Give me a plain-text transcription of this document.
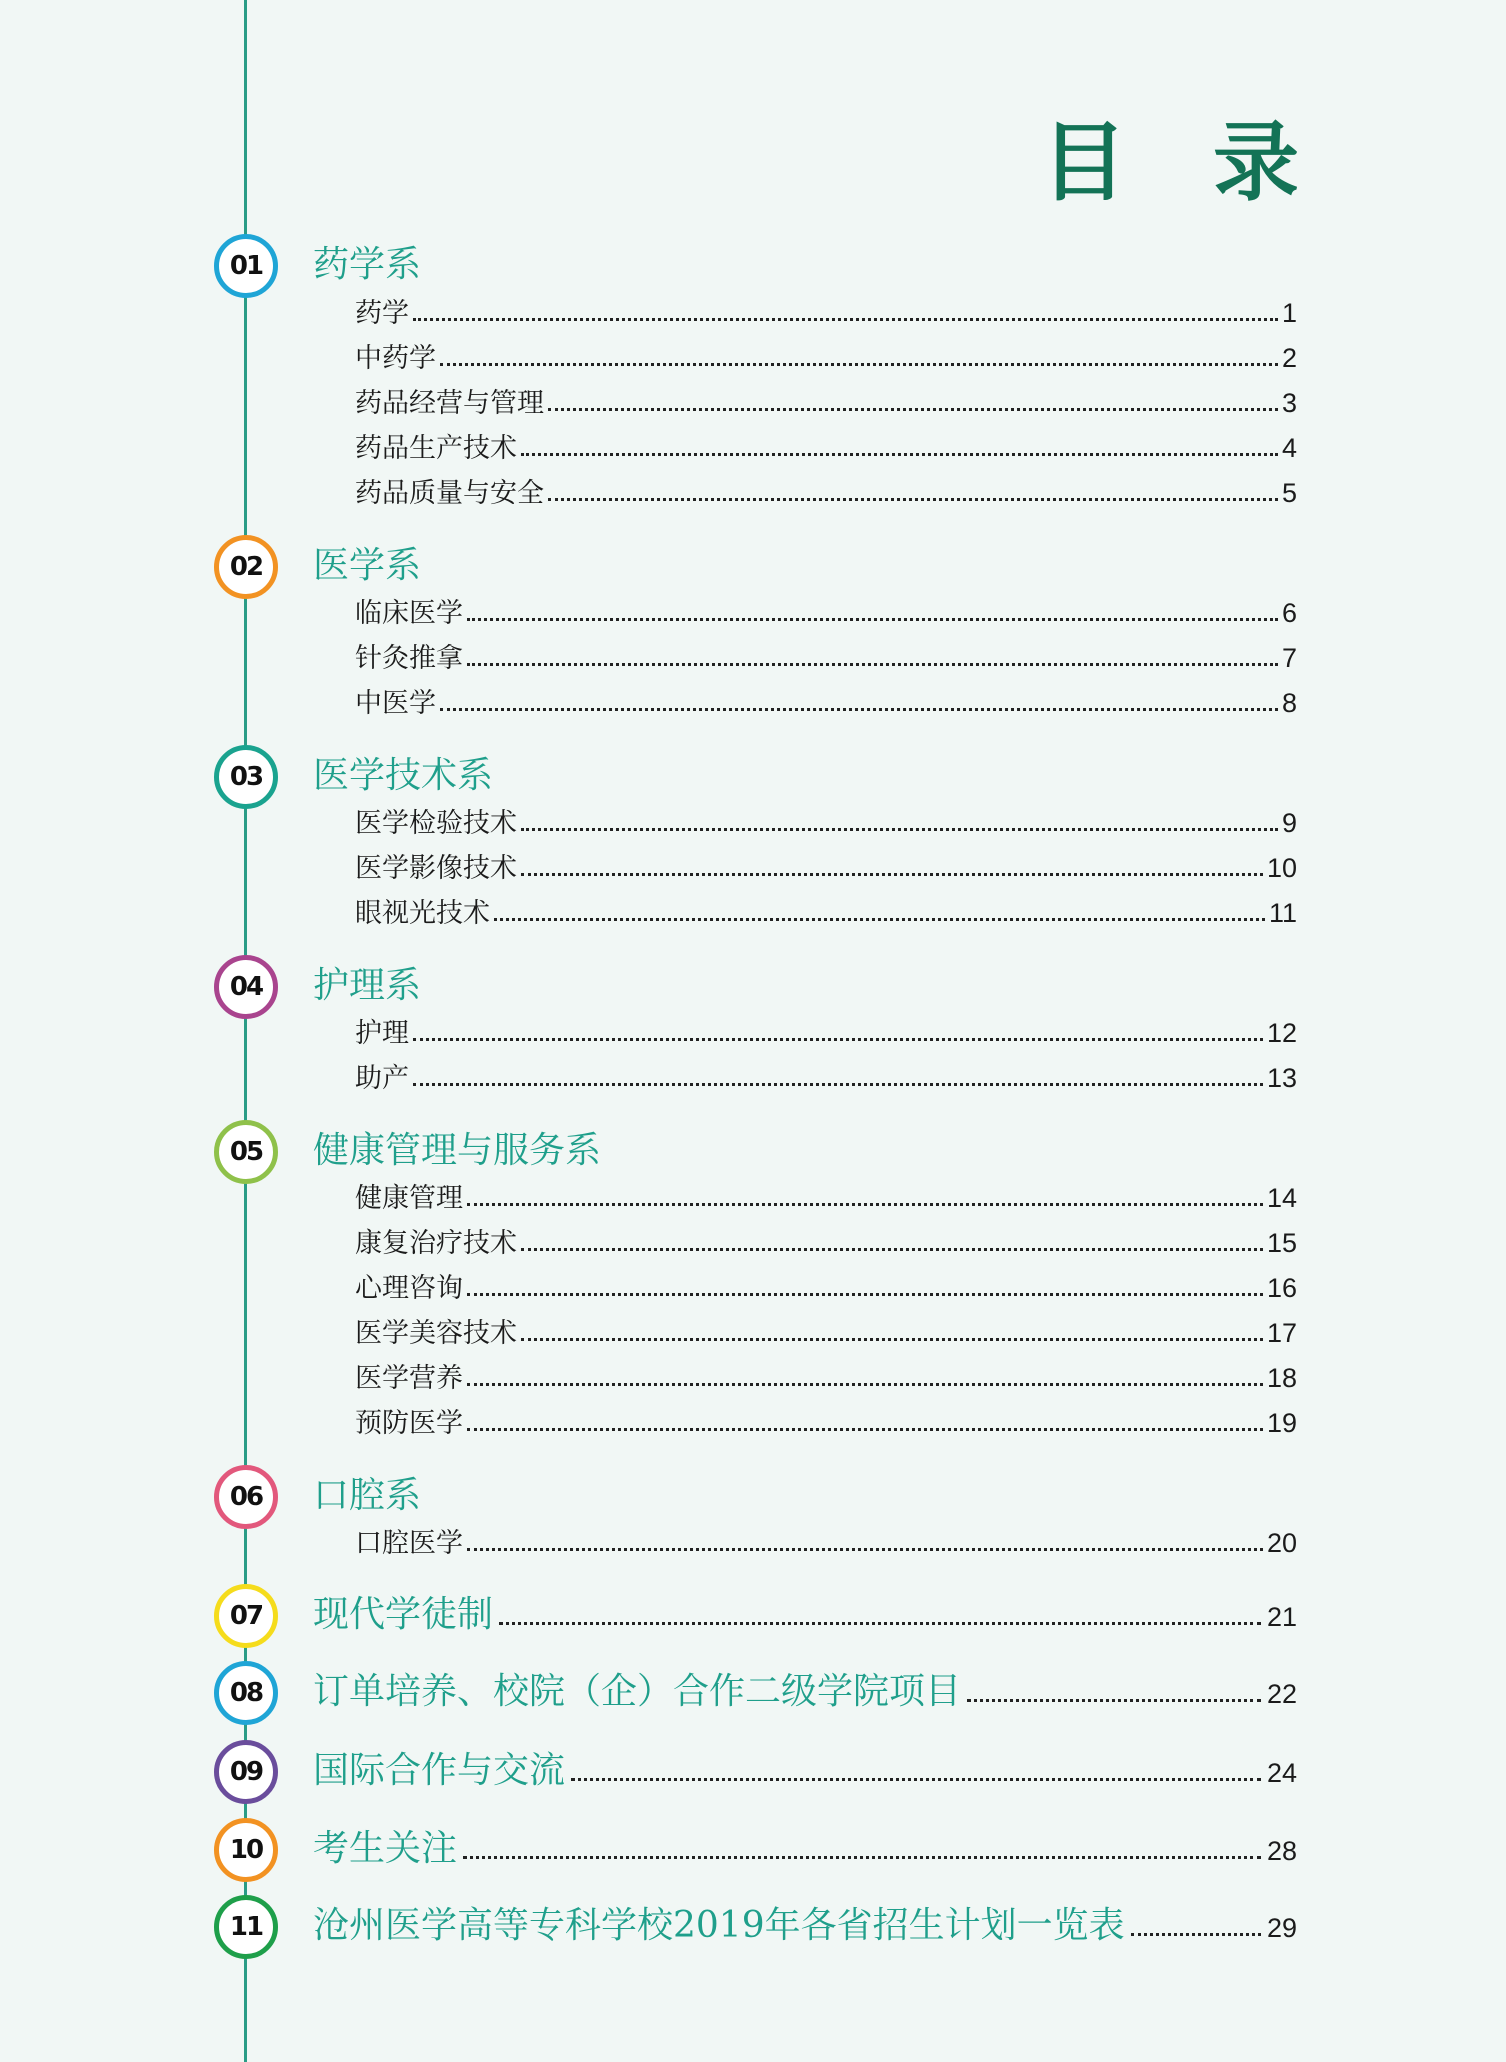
目 录
01	药学系
药学	1
中药学	2
药品经营与管理	3
药品生产技术	4
药品质量与安全	5
02	医学系
临床医学	6
针灸推拿	7
中医学	8
03	医学技术系
医学检验技术	9
医学影像技术	10
眼视光技术	11
04	护理系
护理	12
助产	13
05	健康管理与服务系
健康管理	14
康复治疗技术	15
心理咨询	16
医学美容技术	17
医学营养	18
预防医学	19
06	口腔系
口腔医学	20
07	现代学徒制	21
08	订单培养、校院（企）合作二级学院项目	22
09	国际合作与交流	24
10	考生关注	28
11	沧州医学高等专科学校2019年各省招生计划一览表	29
